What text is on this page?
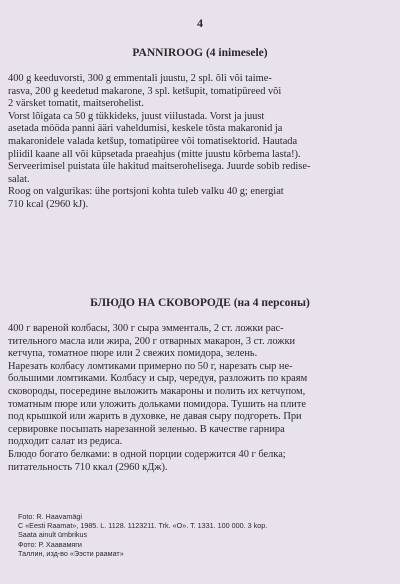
4
PANNIROOG (4 inimesele)
400 g keeduvorsti, 300 g emmentali juustu, 2 spl. õli või taime-
rasva, 200 g keedetud makarone, 3 spl. ketšupit, tomatipüreed või
2 värsket tomatit, maitserohelist.
Vorst lõigata ca 50 g tükkideks, juust viilustada. Vorst ja juust
asetada mööda panni ääri vaheldumisi, keskele tõsta makaronid ja
makaronidele valada ketšup, tomatipüree või tomatisektorid. Hautada
pliidil kaane all või küpsetada praeahjus (mitte juustu kõrbema lasta!).
Serveerimisel puistata üle hakitud maitserohelisega. Juurde sobib redise-
salat.
Roog on valgurikas: ühe portsjoni kohta tuleb valku 40 g; energiat
710 kcal (2960 kJ).
БЛЮДО НА СКОВОРОДЕ (на 4 персоны)
400 г вареной колбасы, 300 г сыра эмменталь, 2 ст. ложки рас-
тительного масла или жира, 200 г отварных макарон, 3 ст. ложки
кетчупа, томатное пюре или 2 свежих помидора, зелень.
Нарезать колбасу ломтиками примерно по 50 г, нарезать сыр не-
большими ломтиками. Колбасу и сыр, чередуя, разложить по краям
сковороды, посередине выложить макароны и полить их кетчупом,
томатным пюре или уложить дольками помидора. Тушить на плите
под крышкой или жарить в духовке, не давая сыру подгореть. При
сервировке посыпать нарезанной зеленью. В качестве гарнира
подходит салат из редиса.
Блюдо богато белками: в одной порции содержится 40 г белка;
питательность 710 ккал (2960 кДж).
Foto: R. Haavamägi
C «Eesti Raamat», 1985. L. 1128. 1123211. Trk. «O». T. 1331. 100 000. 3 kop.
Saata ainult ümbrikus
Фото: Р. Хаавамяги
Таллин, изд-во «Ээсти раамат»
